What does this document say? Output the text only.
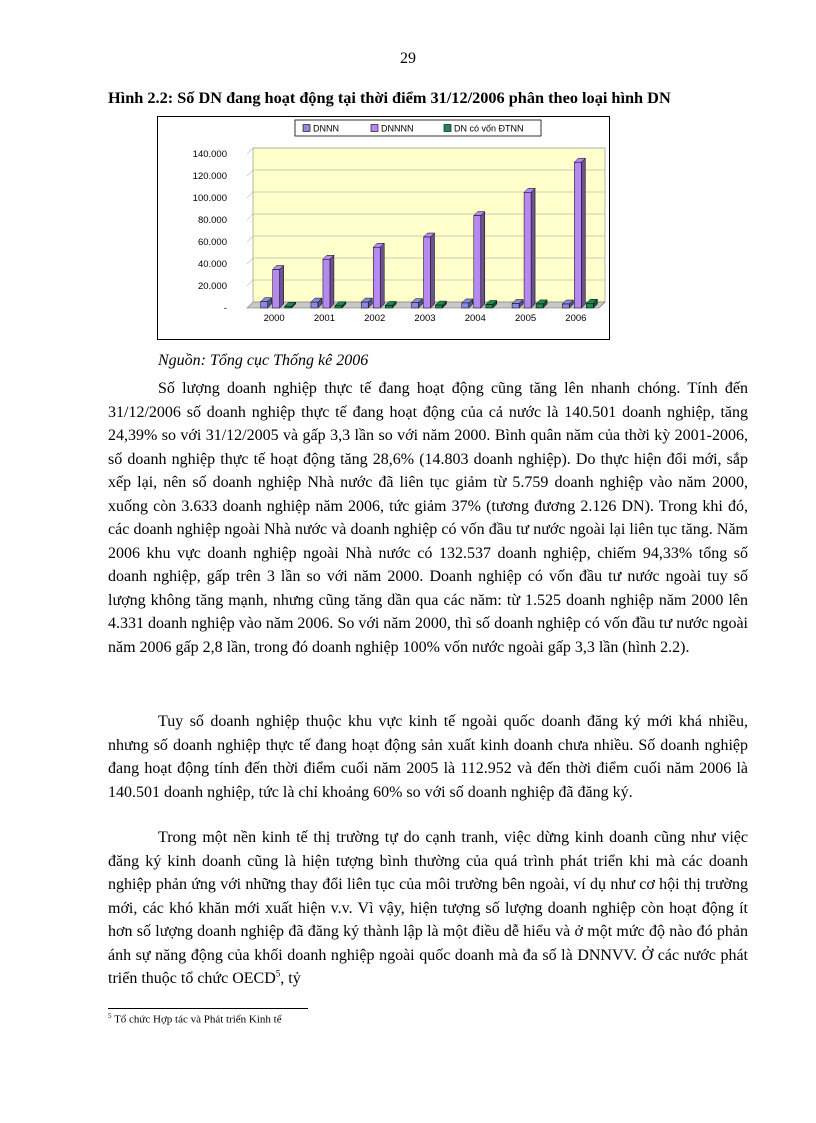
29
Hình 2.2: Số DN đang hoạt động tại thời điểm 31/12/2006 phân theo loại hình DN
DNNN	DNNNN	DN có vốn ĐTNN
-
20.000
40.000
60.000
80.000
100.000
120.000
140.000
2000	2001	2002	2003	2004	2005	2006
Nguồn: Tổng cục Thống kê 2006

Số lượng doanh nghiệp thực tế đang hoạt động cũng tăng lên nhanh chóng. Tính đến 31/12/2006 số doanh nghiệp thực tế đang hoạt động của cả nước là 140.501 doanh nghiệp, tăng 24,39% so với 31/12/2005 và gấp 3,3 lần so với năm 2000. Bình quân năm của thời kỳ 2001-2006, số doanh nghiệp thực tế hoạt động tăng 28,6% (14.803 doanh nghiệp). Do thực hiện đổi mới, sắp xếp lại, nên số doanh nghiệp Nhà nước đã liên tục giảm từ 5.759 doanh nghiệp vào năm 2000, xuống còn 3.633 doanh nghiệp năm 2006, tức giảm 37% (tương đương 2.126 DN). Trong khi đó, các doanh nghiệp ngoài Nhà nước và doanh nghiệp có vốn đầu tư nước ngoài lại liên tục tăng. Năm 2006 khu vực doanh nghiệp ngoài Nhà nước có 132.537 doanh nghiệp, chiếm 94,33% tổng số doanh nghiệp, gấp trên 3 lần so với năm 2000. Doanh nghiệp có vốn đầu tư nước ngoài tuy số lượng không tăng mạnh, nhưng cũng tăng dần qua các năm: từ 1.525 doanh nghiệp năm 2000 lên 4.331 doanh nghiệp vào năm 2006. So với năm 2000, thì số doanh nghiệp có vốn đầu tư nước ngoài năm 2006 gấp 2,8 lần, trong đó doanh nghiệp 100% vốn nước ngoài gấp 3,3 lần (hình 2.2).

Tuy số doanh nghiệp thuộc khu vực kinh tế ngoài quốc doanh đăng ký mới khá nhiều, nhưng số doanh nghiệp thực tế đang hoạt động sản xuất kinh doanh chưa nhiều. Số doanh nghiệp đang hoạt động tính đến thời điểm cuối năm 2005 là 112.952 và đến thời điểm cuối năm 2006 là 140.501 doanh nghiệp, tức là chỉ khoảng 60% so với số doanh nghiệp đã đăng ký.

Trong một nền kinh tế thị trường tự do cạnh tranh, việc dừng kinh doanh cũng như việc đăng ký kinh doanh cũng là hiện tượng bình thường của quá trình phát triển khi mà các doanh nghiệp phản ứng với những thay đổi liên tục của môi trường bên ngoài, ví dụ như cơ hội thị trường mới, các khó khăn mới xuất hiện v.v. Vì vậy, hiện tượng số lượng doanh nghiệp còn hoạt động ít hơn số lượng doanh nghiệp đã đăng ký thành lập là một điều dễ hiểu và ở một mức độ nào đó phản ánh sự năng động của khối doanh nghiệp ngoài quốc doanh mà đa số là DNNVV. Ở các nước phát triển thuộc tổ chức OECD$^5$, tỷ

$^5$ Tổ chức Hợp tác và Phát triển Kinh tế
